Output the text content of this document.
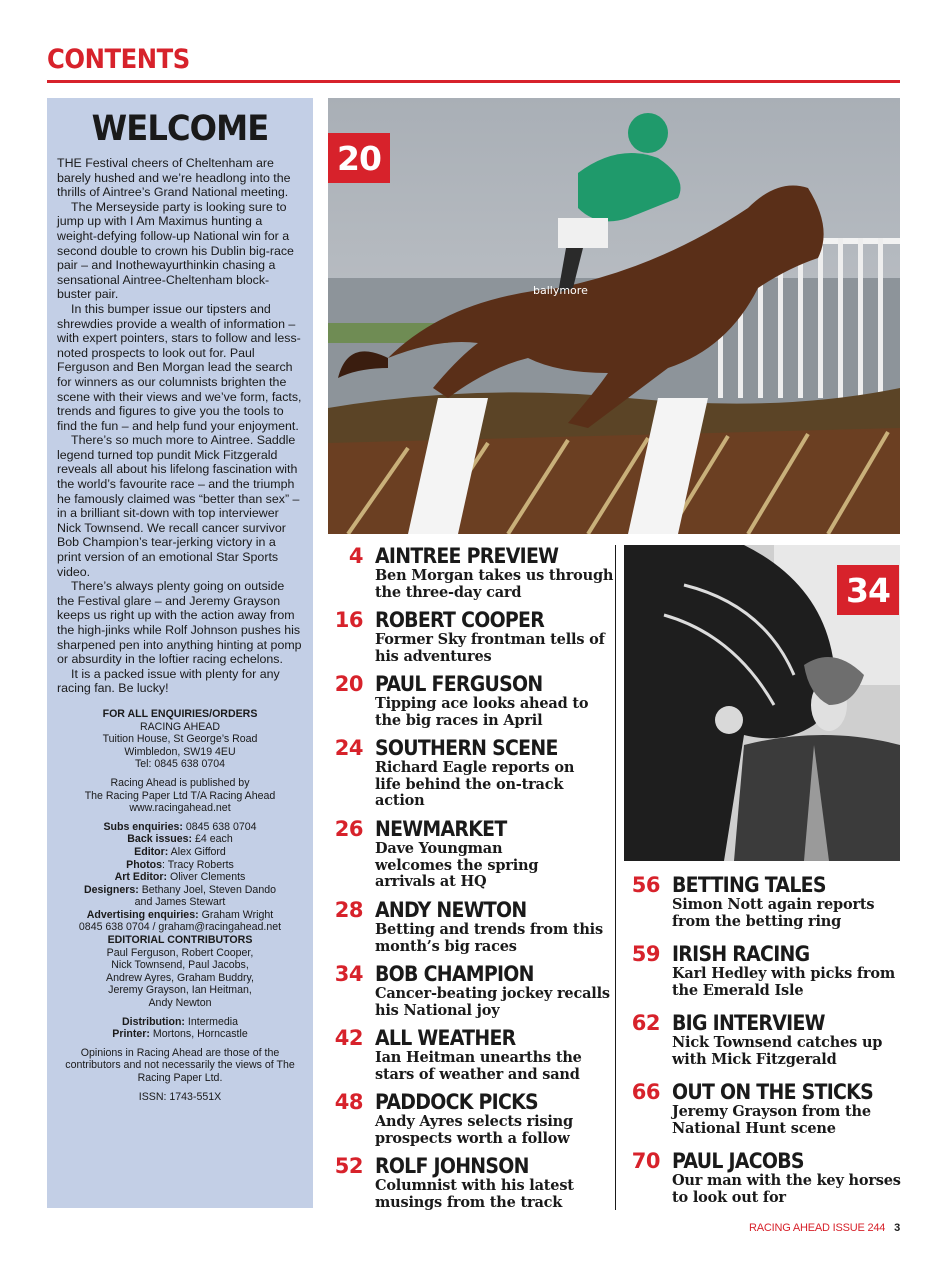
CONTENTS
WELCOME

THE Festival cheers of Cheltenham are barely hushed and we’re headlong into the thrills of Aintree’s Grand National meeting.

The Merseyside party is looking sure to jump up with I Am Maximus hunting a weight-defying follow-up National win for a second double to crown his Dublin big-race pair – and Inothewayurthinkin chasing a sensational Aintree-Cheltenham block-buster pair.

In this bumper issue our tipsters and shrewdies provide a wealth of information – with expert pointers, stars to follow and less-noted prospects to look out for. Paul Ferguson and Ben Morgan lead the search for winners as our columnists brighten the scene with their views and we’ve form, facts, trends and figures to give you the tools to find the fun – and help fund your enjoyment.

There’s so much more to Aintree. Saddle legend turned top pundit Mick Fitzgerald reveals all about his lifelong fascination with the world’s favourite race – and the triumph he famously claimed was “better than sex” – in a brilliant sit-down with top interviewer Nick Townsend. We recall cancer survivor Bob Champion’s tear-jerking victory in a print version of an emotional Star Sports video.

There’s always plenty going on outside the Festival glare – and Jeremy Grayson keeps us right up with the action away from the high-jinks while Rolf Johnson pushes his sharpened pen into anything hinting at pomp or absurdity in the loftier racing echelons.

It is a packed issue with plenty for any racing fan. Be lucky!

FOR ALL ENQUIRIES/ORDERS
RACING AHEAD
Tuition House, St George’s Road
Wimbledon, SW19 4EU
Tel: 0845 638 0704
Racing Ahead is published by
The Racing Paper Ltd T/A Racing Ahead
www.racingahead.net
Subs enquiries: 0845 638 0704
Back issues: £4 each
Editor: Alex Gifford
Photos: Tracy Roberts
Art Editor: Oliver Clements
Designers: Bethany Joel, Steven Dando
and James Stewart
Advertising enquiries: Graham Wright
0845 638 0704 / graham@racingahead.net
EDITORIAL CONTRIBUTORS
Paul Ferguson, Robert Cooper,
Nick Townsend, Paul Jacobs,
Andrew Ayres, Graham Buddry,
Jeremy Grayson, Ian Heitman,
Andy Newton
Distribution: Intermedia
Printer: Mortons, Horncastle
Opinions in Racing Ahead are those of the contributors and not necessarily the views of The Racing Paper Ltd.
ISSN: 1743-551X
ballymore
20
34
4 AINTREE PREVIEW
Ben Morgan takes us through the three-day card
16 ROBERT COOPER
Former Sky frontman tells of his adventures
20 PAUL FERGUSON
Tipping ace looks ahead to the big races in April
24 SOUTHERN SCENE
Richard Eagle reports on life behind the on-track action
26 NEWMARKET
Dave Youngman welcomes the spring arrivals at HQ
28 ANDY NEWTON
Betting and trends from this month’s big races
34 BOB CHAMPION
Cancer-beating jockey recalls his National joy
42 ALL WEATHER
Ian Heitman unearths the stars of weather and sand
48 PADDOCK PICKS
Andy Ayres selects rising prospects worth a follow
52 ROLF JOHNSON
Columnist with his latest musings from the track
56 BETTING TALES
Simon Nott again reports from the betting ring
59 IRISH RACING
Karl Hedley with picks from the Emerald Isle
62 BIG INTERVIEW
Nick Townsend catches up with Mick Fitzgerald
66 OUT ON THE STICKS
Jeremy Grayson from the National Hunt scene
70 PAUL JACOBS
Our man with the key horses to look out for
RACING AHEAD ISSUE 244 3
